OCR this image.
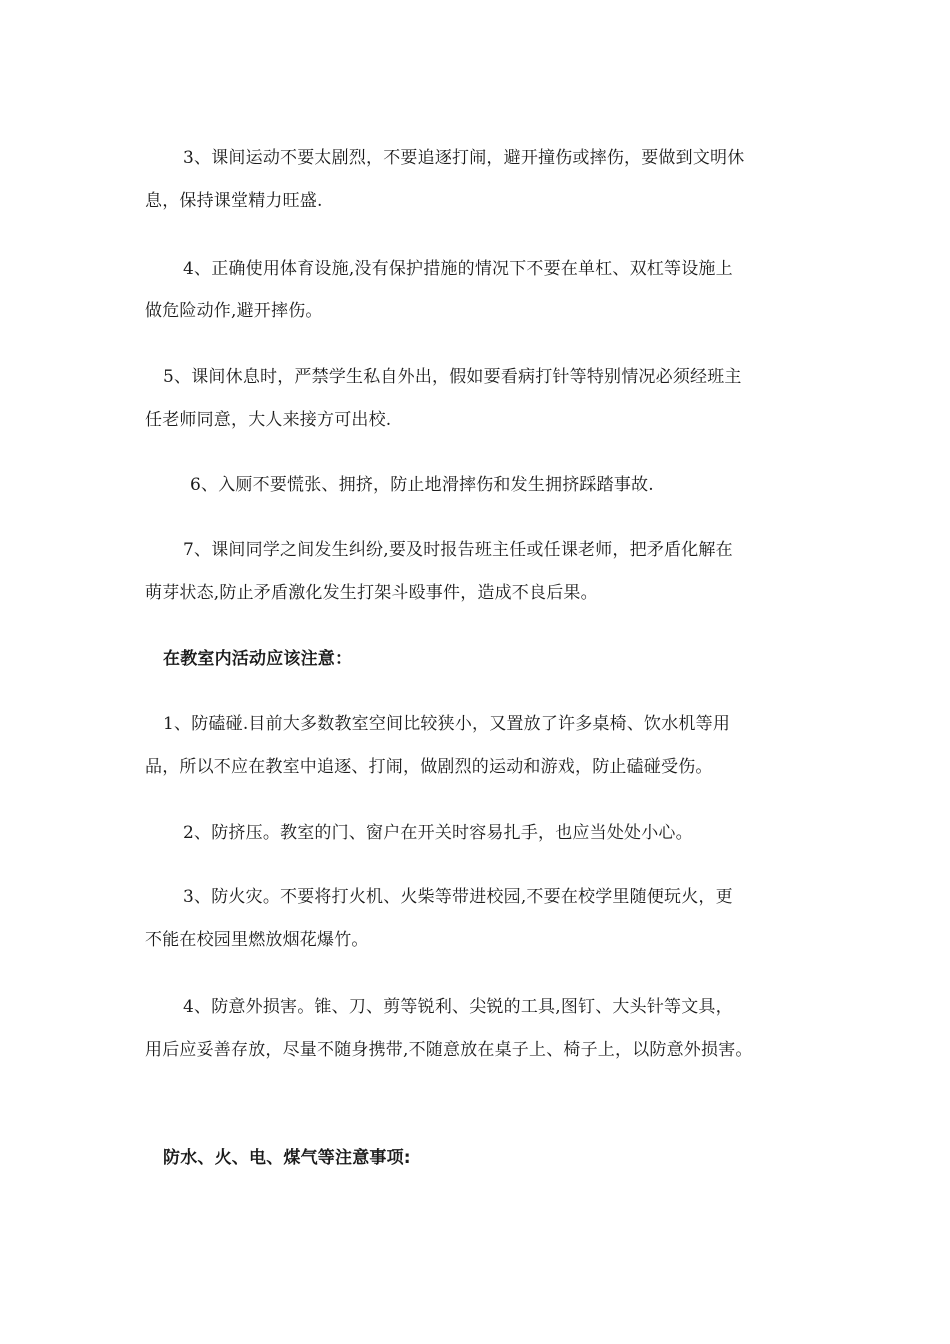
3、课间运动不要太剧烈，不要追逐打闹，避开撞伤或摔伤，要做到文明休
息，保持课堂精力旺盛.
4、正确使用体育设施,没有保护措施的情况下不要在单杠、双杠等设施上
做危险动作,避开摔伤。
5、课间休息时，严禁学生私自外出，假如要看病打针等特别情况必须经班主
任老师同意，大人来接方可出校.
6、入厕不要慌张、拥挤，防止地滑摔伤和发生拥挤踩踏事故.
7、课间同学之间发生纠纷,要及时报告班主任或任课老师，把矛盾化解在
萌芽状态,防止矛盾激化发生打架斗殴事件，造成不良后果。
在教室内活动应该注意：
1、防磕碰.目前大多数教室空间比较狭小，又置放了许多桌椅、饮水机等用
品，所以不应在教室中追逐、打闹，做剧烈的运动和游戏，防止磕碰受伤。
2、防挤压。教室的门、窗户在开关时容易扎手，也应当处处小心。
3、防火灾。不要将打火机、火柴等带进校园,不要在校学里随便玩火，更
不能在校园里燃放烟花爆竹。
4、防意外损害。锥、刀、剪等锐利、尖锐的工具,图钉、大头针等文具，
用后应妥善存放，尽量不随身携带,不随意放在桌子上、椅子上，以防意外损害。
防水、火、电、煤气等注意事项:
